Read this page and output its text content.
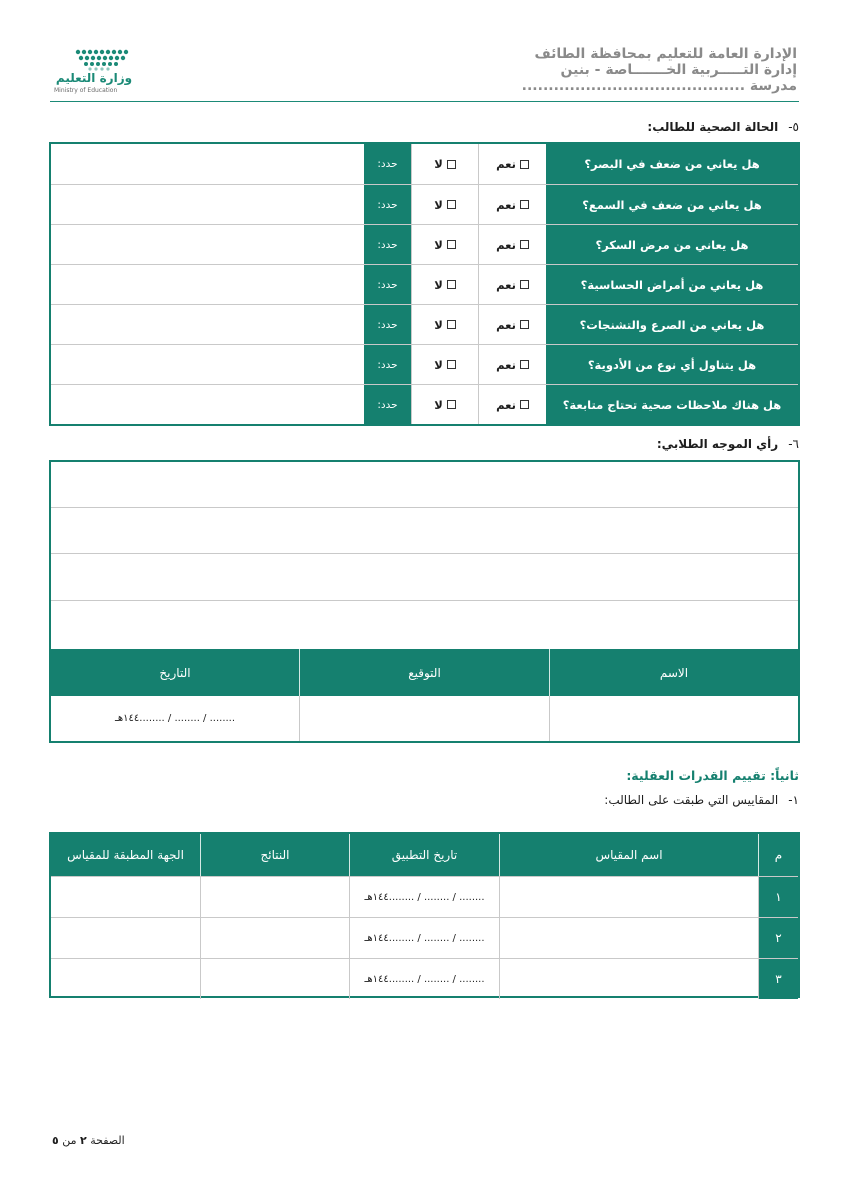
الإدارة العامة للتعليم بمحافظة الطائف
إدارة التـــــربية الخـــــــاصة - بنين
مدرسة ..........................................
وزارة التعليم
Ministry of Education
٥-الحالة الصحية للطالب:
هل يعاني من ضعف في البصر؟
نعم
لا
حدد:
هل يعاني من ضعف في السمع؟
نعم
لا
حدد:
هل يعاني من مرض السكر؟
نعم
لا
حدد:
هل يعاني من أمراض الحساسية؟
نعم
لا
حدد:
هل يعاني من الصرع والتشنجات؟
نعم
لا
حدد:
هل يتناول أي نوع من الأدوية؟
نعم
لا
حدد:
هل هناك ملاحظات صحية تحتاج متابعة؟
نعم
لا
حدد:
٦-رأي الموجه الطلابي:
الاسم
التوقيع
التاريخ
........ / ........ / ........١٤٤هـ
ثانياً: تقييم القدرات العقلية:
١-المقاييس التي طبقت على الطالب:
م
اسم المقياس
تاريخ التطبيق
النتائج
الجهة المطبقة للمقياس
١
........ / ........ / ........١٤٤هـ
٢
........ / ........ / ........١٤٤هـ
٣
........ / ........ / ........١٤٤هـ
الصفحة ٢ من ٥
